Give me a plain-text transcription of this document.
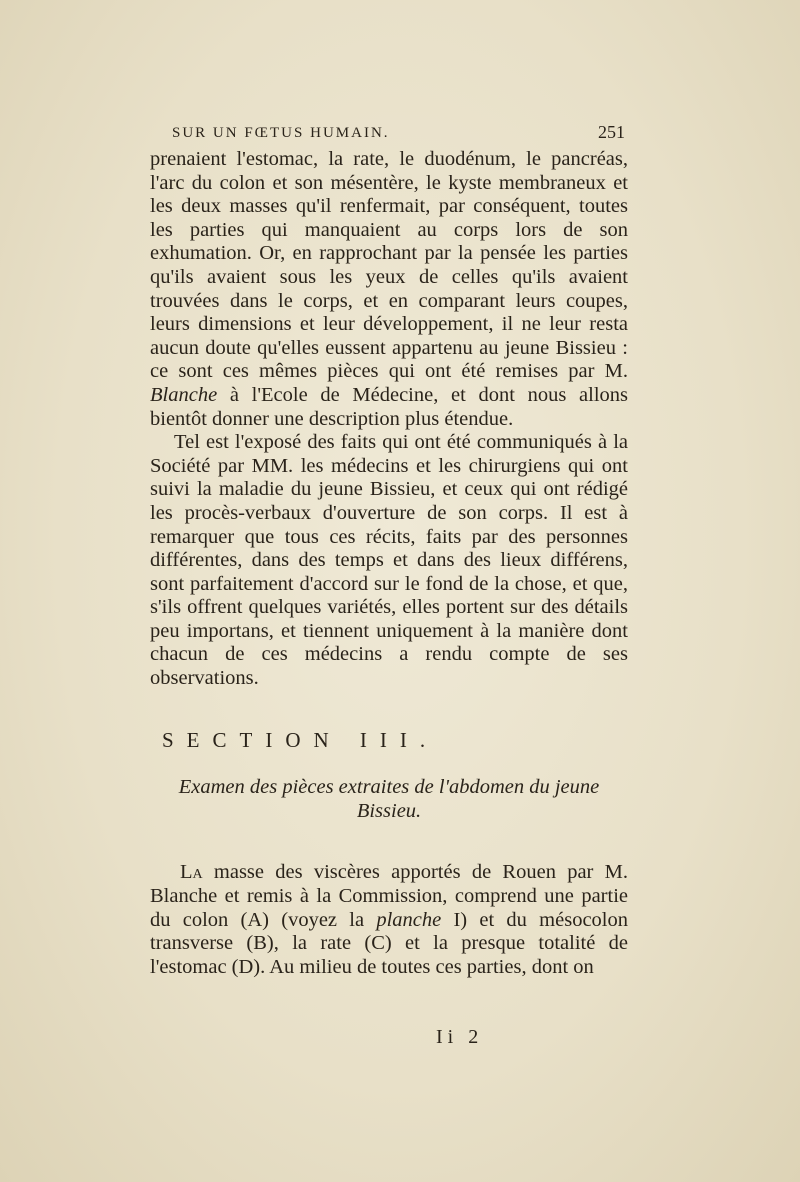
SUR UN FŒTUS HUMAIN.	251

prenaient l'estomac, la rate, le duodénum, le pancréas, l'arc du colon et son mésentère, le kyste membraneux et les deux masses qu'il renfermait, par conséquent, toutes les parties qui manquaient au corps lors de son exhumation. Or, en rapprochant par la pensée les parties qu'ils avaient sous les yeux de celles qu'ils avaient trouvées dans le corps, et en comparant leurs coupes, leurs dimensions et leur développement, il ne leur resta aucun doute qu'elles eussent appartenu au jeune Bissieu : ce sont ces mêmes pièces qui ont été remises par M. Blanche à l'Ecole de Médecine, et dont nous allons bientôt donner une description plus étendue.

Tel est l'exposé des faits qui ont été communiqués à la Société par MM. les médecins et les chirurgiens qui ont suivi la maladie du jeune Bissieu, et ceux qui ont rédigé les procès-verbaux d'ouverture de son corps. Il est à remarquer que tous ces récits, faits par des personnes différentes, dans des temps et dans des lieux différens, sont parfaitement d'accord sur le fond de la chose, et que, s'ils offrent quelques variétés, elles portent sur des détails peu importans, et tiennent uniquement à la manière dont chacun de ces médecins a rendu compte de ses observations.

SECTION III.

Examen des pièces extraites de l'abdomen du jeune
Bissieu.

La masse des viscères apportés de Rouen par M. Blanche et remis à la Commission, comprend une partie du colon (A) (voyez la planche I) et du mésocolon transverse (B), la rate (C) et la presque totalité de l'estomac (D). Au milieu de toutes ces parties, dont on

Ii 2
